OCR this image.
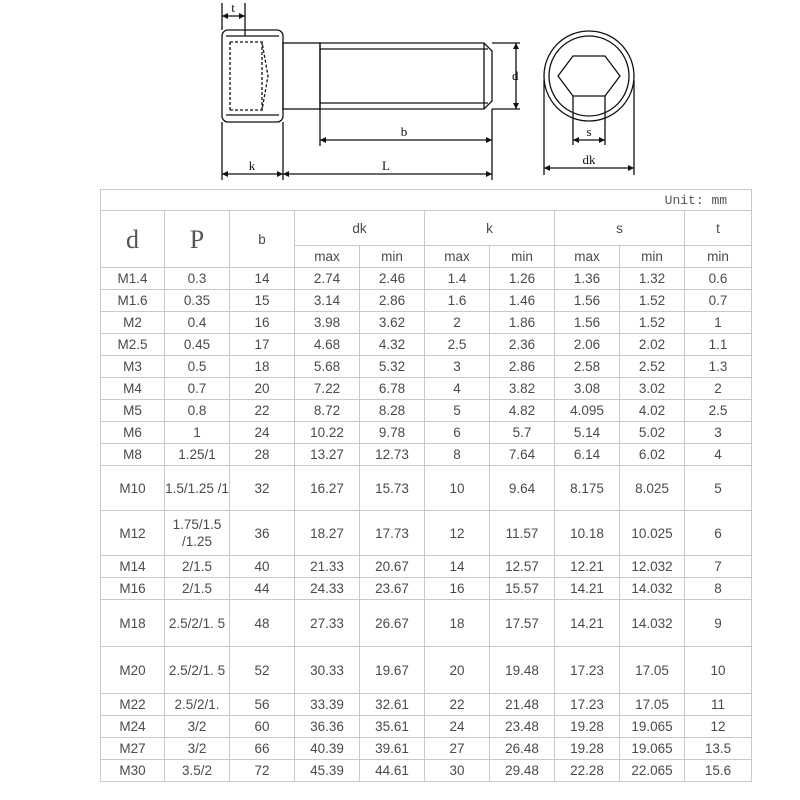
t
d
b
k	L
s
dk
Unit: mm									
d	P	b	dk		k		s		t
			max	min	max	min	max	min	min
M1.4	0.3	14	2.74	2.46	1.4	1.26	1.36	1.32	0.6
M1.6	0.35	15	3.14	2.86	1.6	1.46	1.56	1.52	0.7
M2	0.4	16	3.98	3.62	2	1.86	1.56	1.52	1
M2.5	0.45	17	4.68	4.32	2.5	2.36	2.06	2.02	1.1
M3	0.5	18	5.68	5.32	3	2.86	2.58	2.52	1.3
M4	0.7	20	7.22	6.78	4	3.82	3.08	3.02	2
M5	0.8	22	8.72	8.28	5	4.82	4.095	4.02	2.5
M6	1	24	10.22	9.78	6	5.7	5.14	5.02	3
M8	1.25/1	28	13.27	12.73	8	7.64	6.14	6.02	4
M10	1.5/1.25 /1	32	16.27	15.73	10	9.64	8.175	8.025	5
M12	1.75/1.5 /1.25	36	18.27	17.73	12	11.57	10.18	10.025	6
M14	2/1.5	40	21.33	20.67	14	12.57	12.21	12.032	7
M16	2/1.5	44	24.33	23.67	16	15.57	14.21	14.032	8
M18	2.5/2/1. 5	48	27.33	26.67	18	17.57	14.21	14.032	9
M20	2.5/2/1. 5	52	30.33	19.67	20	19.48	17.23	17.05	10
M22	2.5/2/1.	56	33.39	32.61	22	21.48	17.23	17.05	11
M24	3/2	60	36.36	35.61	24	23.48	19.28	19.065	12
M27	3/2	66	40.39	39.61	27	26.48	19.28	19.065	13.5
M30	3.5/2	72	45.39	44.61	30	29.48	22.28	22.065	15.6
